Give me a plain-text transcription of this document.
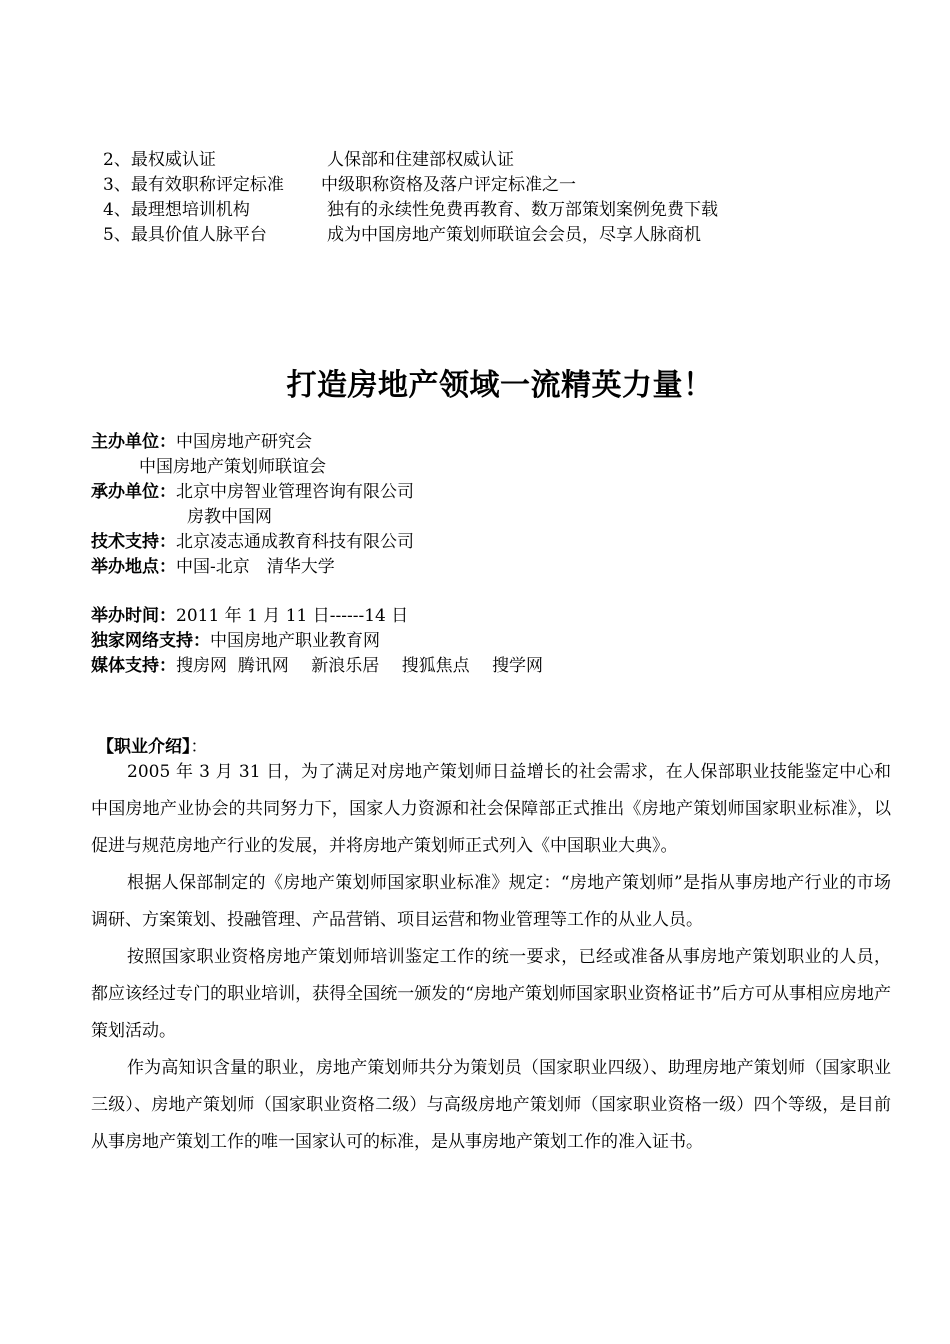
2、最权威认证	人保部和住建部权威认证
3、最有效职称评定标准	中级职称资格及落户评定标准之一
4、最理想培训机构	独有的永续性免费再教育、数万部策划案例免费下载
5、最具价值人脉平台	成为中国房地产策划师联谊会会员，尽享人脉商机
打造房地产领域一流精英力量！
主办单位：中国房地产研究会
中国房地产策划师联谊会
承办单位：北京中房智业管理咨询有限公司
房教中国网
技术支持：北京凌志通成教育科技有限公司
举办地点：中国-北京　清华大学
举办时间：2011 年 1 月 11 日------14 日
独家网络支持：中国房地产职业教育网
媒体支持：搜房网  腾讯网　 新浪乐居　 搜狐焦点　 搜学网
【职业介绍】：

2005 年 3 月 31 日，为了满足对房地产策划师日益增长的社会需求，在人保部职业技能鉴定中心和中国房地产业协会的共同努力下，国家人力资源和社会保障部正式推出《房地产策划师国家职业标准》，以促进与规范房地产行业的发展，并将房地产策划师正式列入《中国职业大典》。

根据人保部制定的《房地产策划师国家职业标准》规定：“房地产策划师”是指从事房地产行业的市场调研、方案策划、投融管理、产品营销、项目运营和物业管理等工作的从业人员。

按照国家职业资格房地产策划师培训鉴定工作的统一要求，已经或准备从事房地产策划职业的人员，都应该经过专门的职业培训，获得全国统一颁发的“房地产策划师国家职业资格证书”后方可从事相应房地产策划活动。

作为高知识含量的职业，房地产策划师共分为策划员（国家职业四级）、助理房地产策划师（国家职业三级）、房地产策划师（国家职业资格二级）与高级房地产策划师（国家职业资格一级）四个等级，是目前从事房地产策划工作的唯一国家认可的标准，是从事房地产策划工作的准入证书。
